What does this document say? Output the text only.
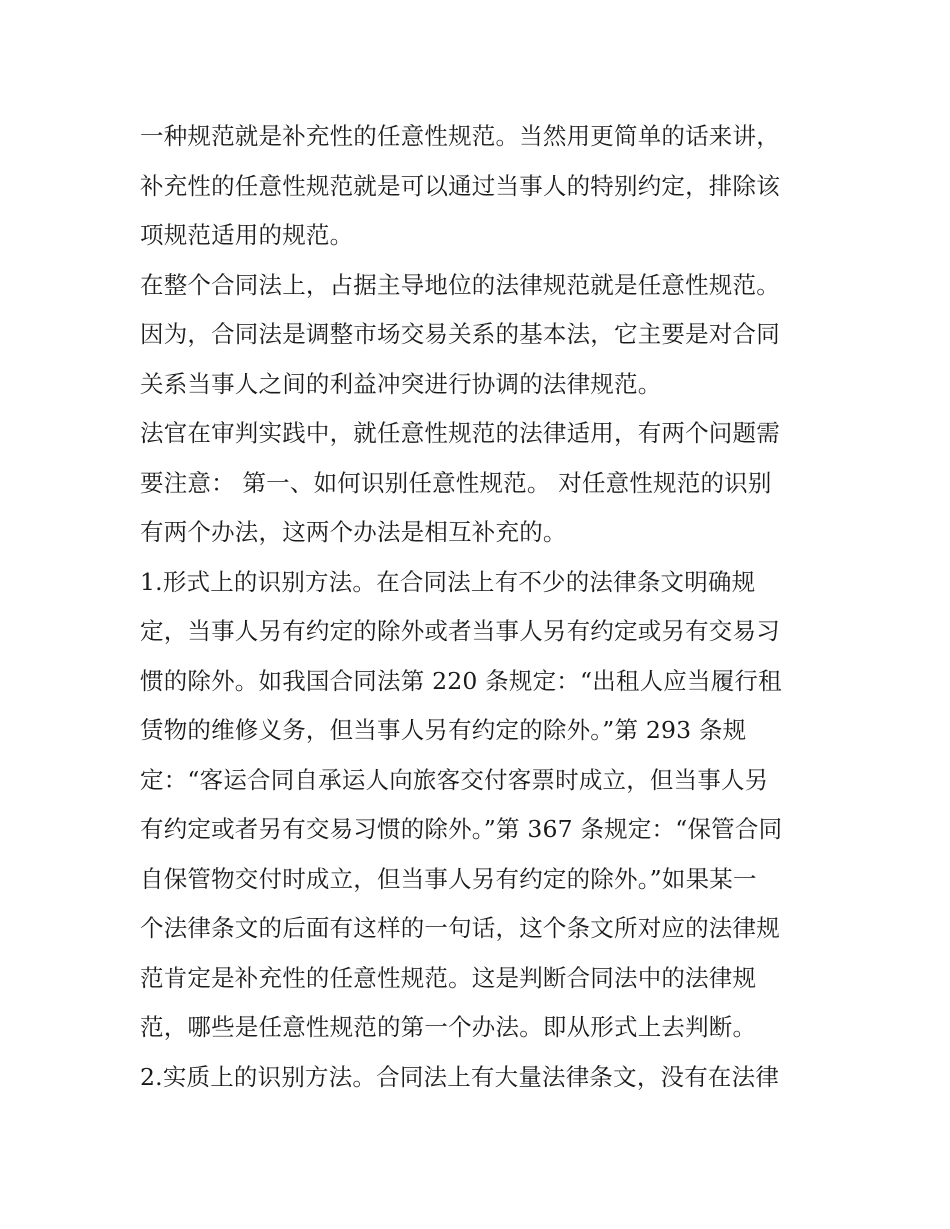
一种规范就是补充性的任意性规范。当然用更简单的话来讲，
补充性的任意性规范就是可以通过当事人的特别约定，排除该
项规范适用的规范。
在整个合同法上，占据主导地位的法律规范就是任意性规范。
因为，合同法是调整市场交易关系的基本法，它主要是对合同
关系当事人之间的利益冲突进行协调的法律规范。
法官在审判实践中，就任意性规范的法律适用，有两个问题需
要注意： 第一、如何识别任意性规范。 对任意性规范的识别
有两个办法，这两个办法是相互补充的。
1.形式上的识别方法。在合同法上有不少的法律条文明确规
定，当事人另有约定的除外或者当事人另有约定或另有交易习
惯的除外。如我国合同法第 220 条规定：“出租人应当履行租
赁物的维修义务，但当事人另有约定的除外。”第 293 条规
定：“客运合同自承运人向旅客交付客票时成立，但当事人另
有约定或者另有交易习惯的除外。”第 367 条规定：“保管合同
自保管物交付时成立，但当事人另有约定的除外。”如果某一
个法律条文的后面有这样的一句话，这个条文所对应的法律规
范肯定是补充性的任意性规范。这是判断合同法中的法律规
范，哪些是任意性规范的第一个办法。即从形式上去判断。
2.实质上的识别方法。合同法上有大量法律条文，没有在法律
